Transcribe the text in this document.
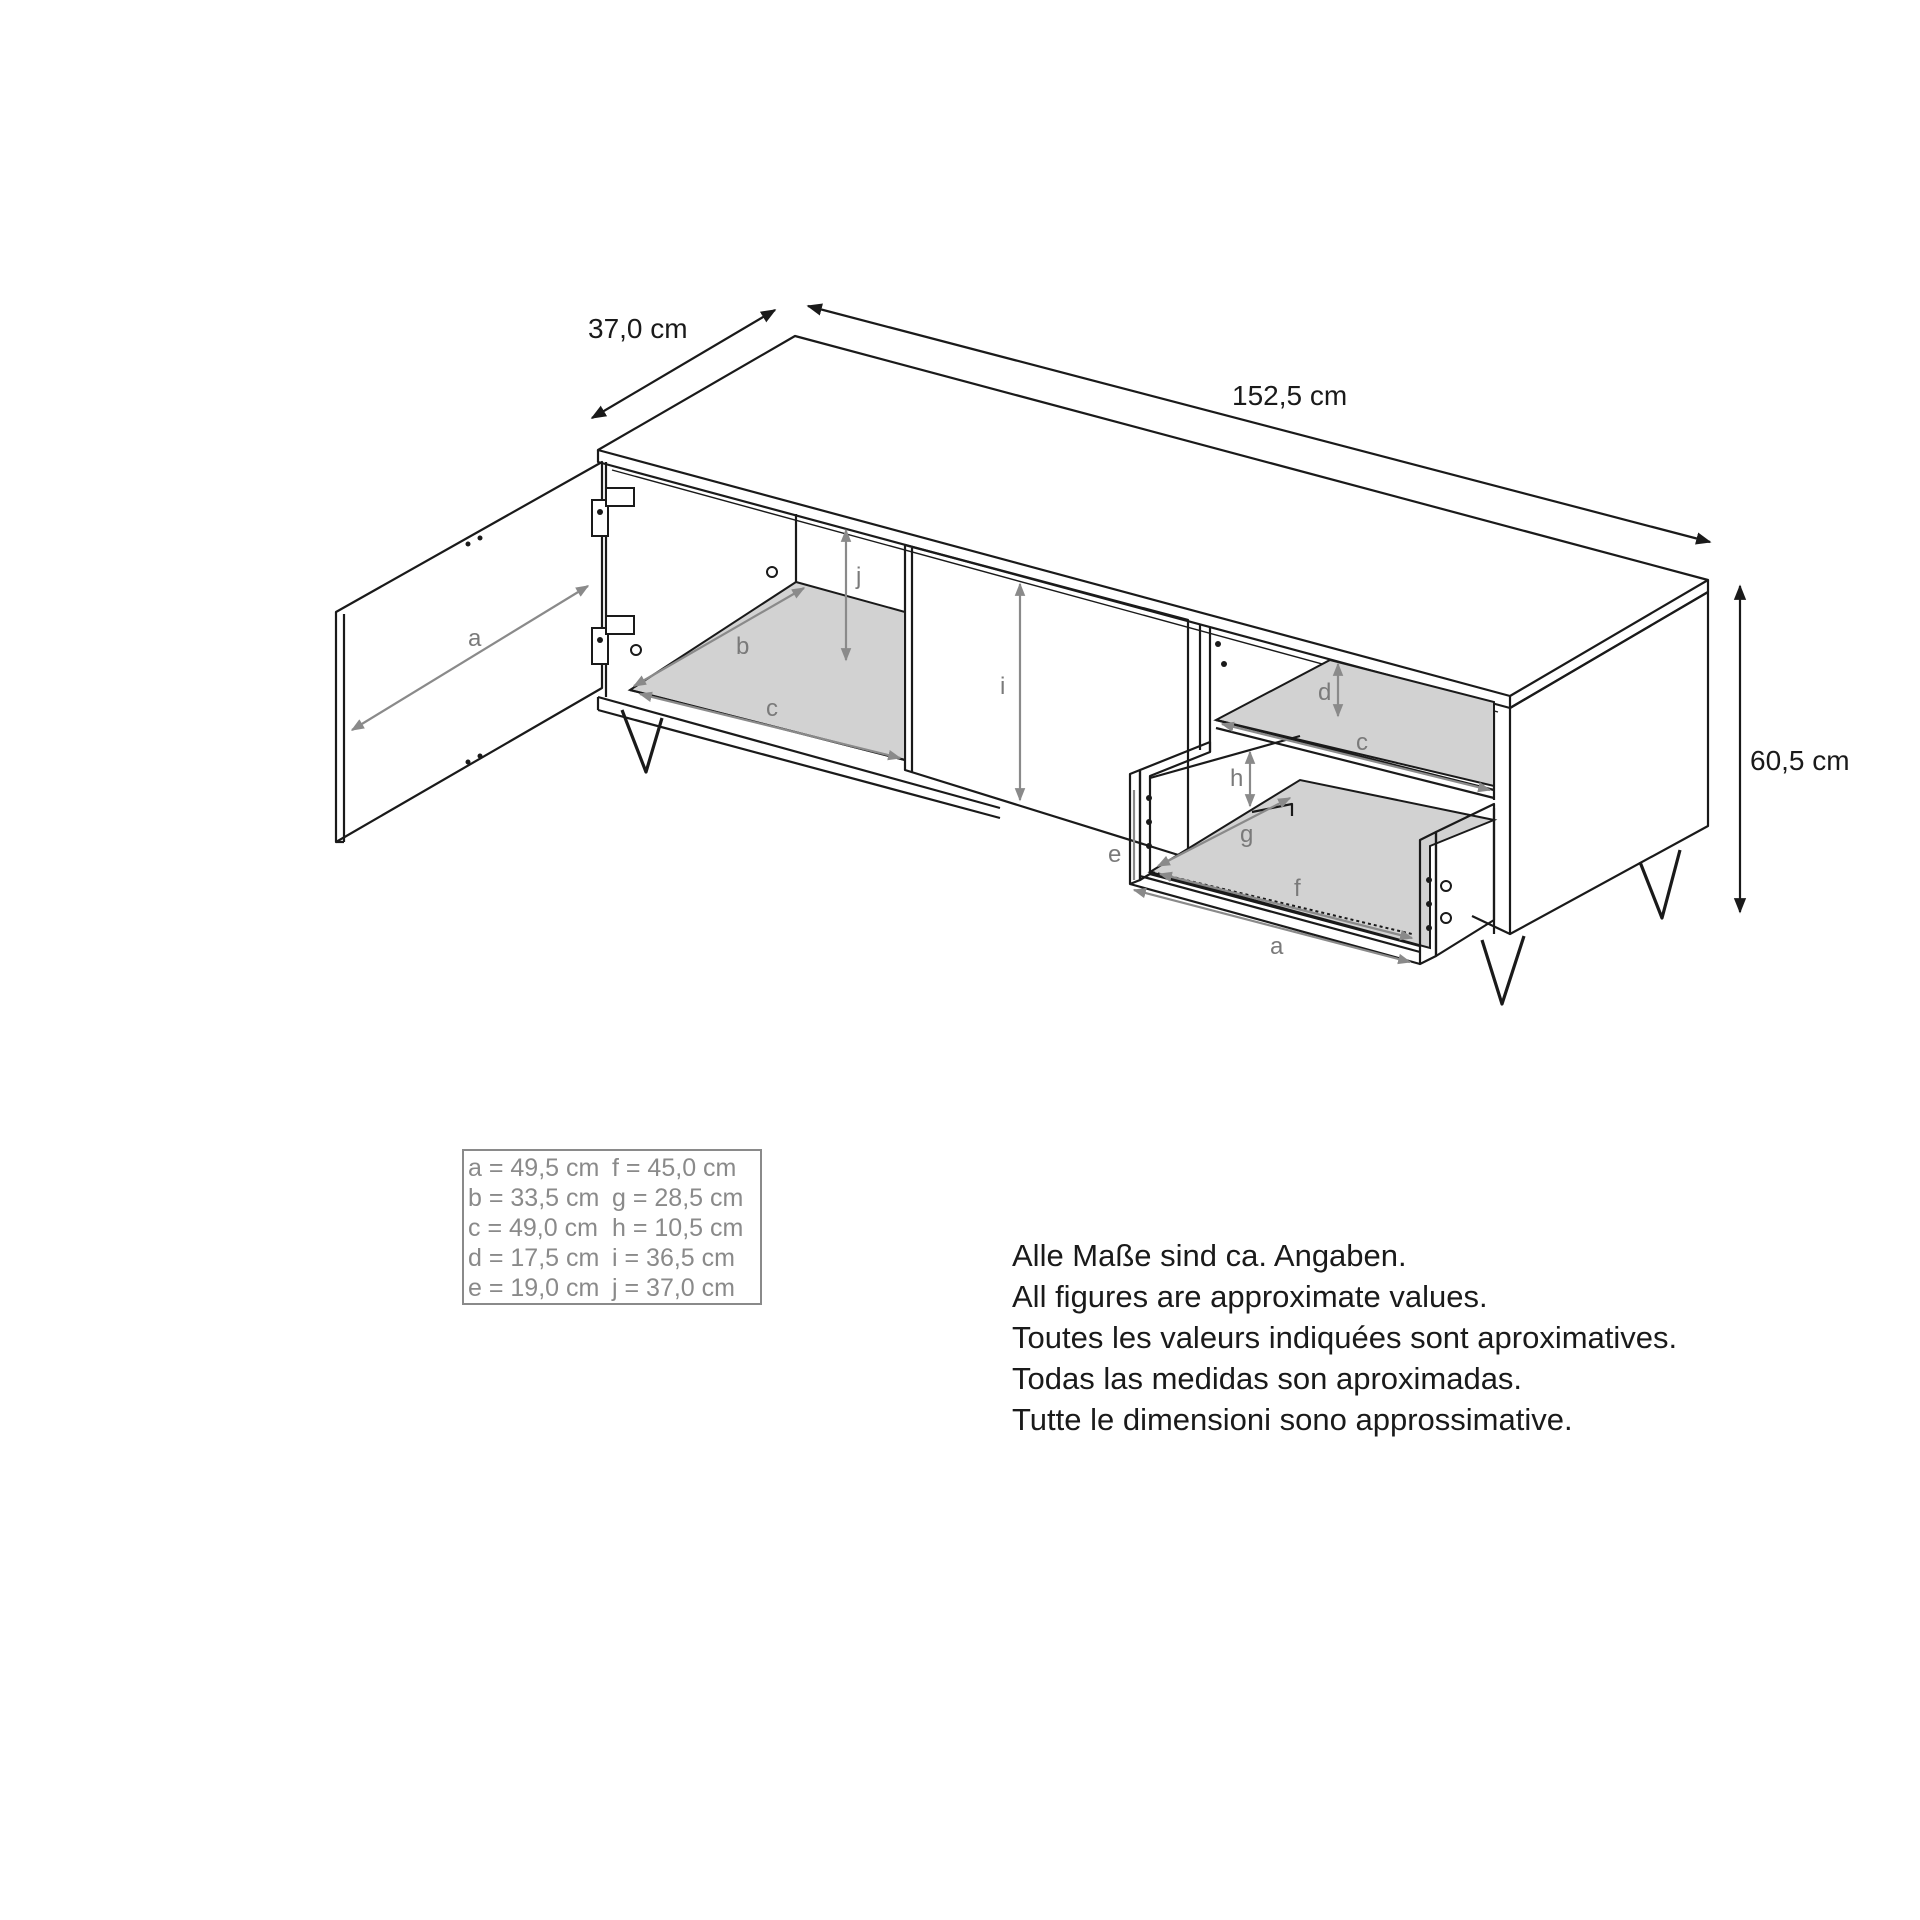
37,0 cm
152,5 cm
60,5 cm
a	b
c
j
i	d
c
h
g
e
f
a
a = 49,5 cm f = 45,0 cm
b = 33,5 cm g = 28,5 cm
c = 49,0 cm h = 10,5 cm
d = 17,5 cm i = 36,5 cm
e = 19,0 cm j = 37,0 cm
Alle Maße sind ca. Angaben.
All figures are approximate values.
Toutes les valeurs indiquées sont aproximatives.
Todas las medidas son aproximadas.
Tutte le dimensioni sono approssimative.
